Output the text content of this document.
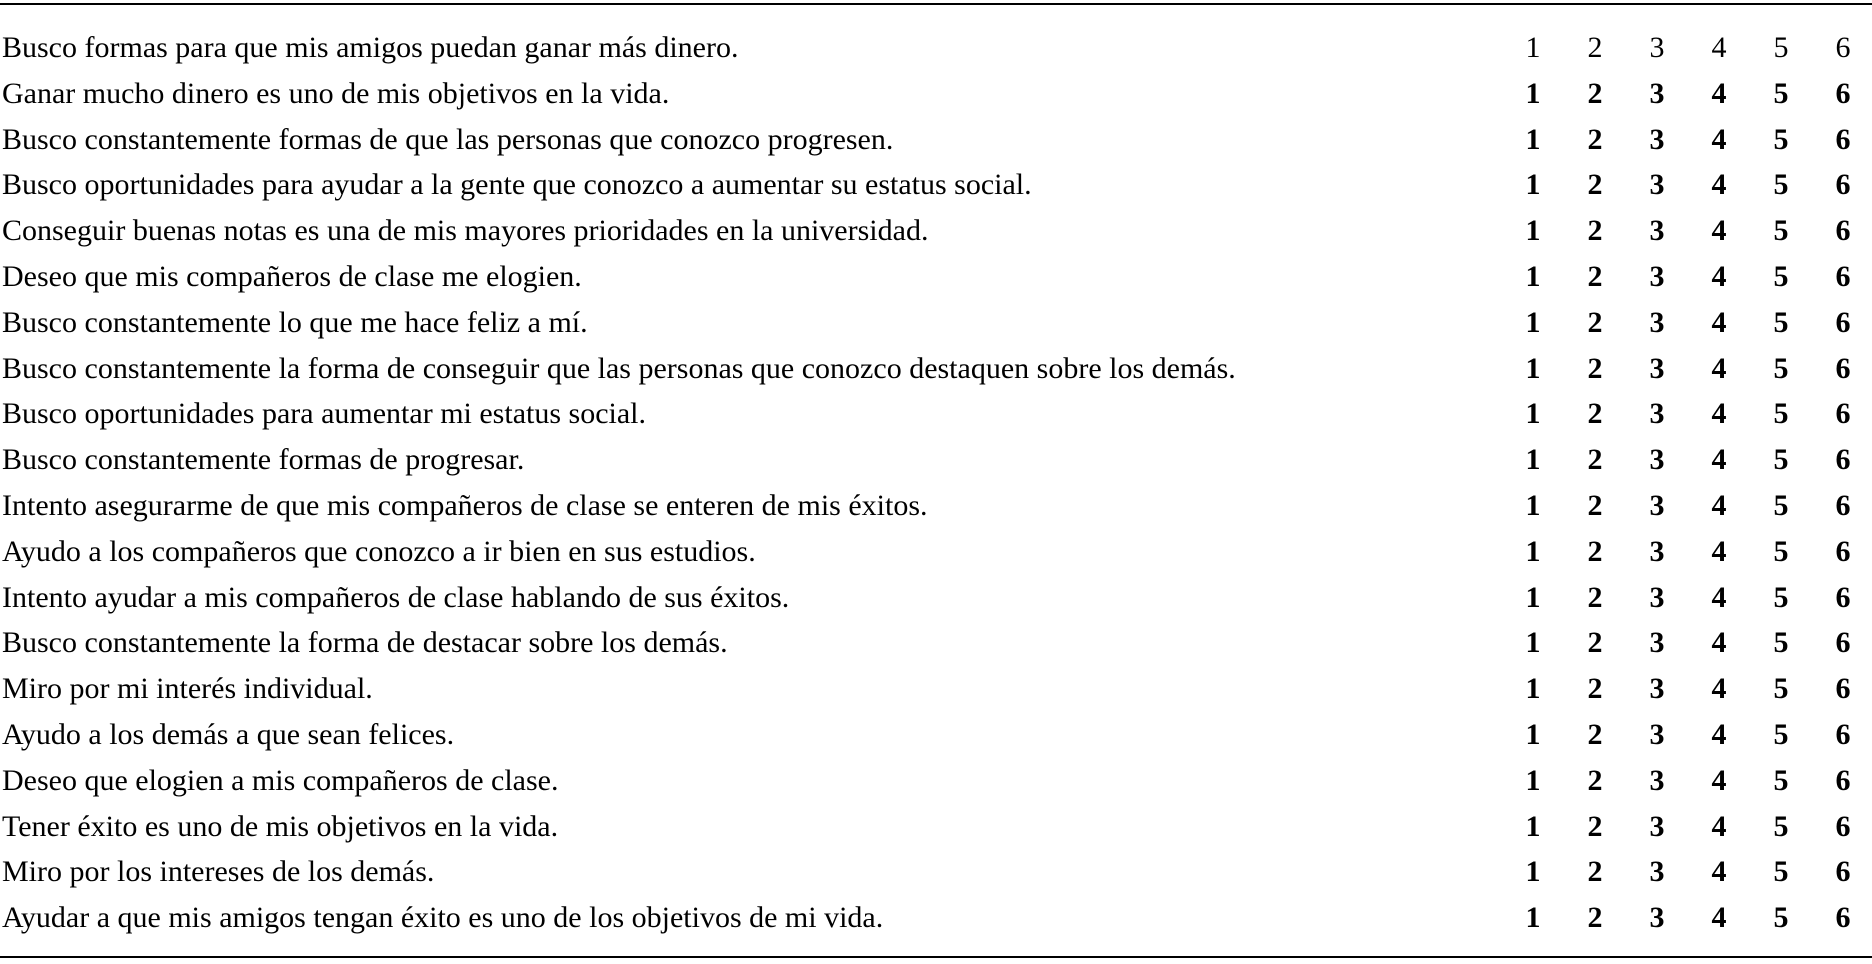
Busco formas para que mis amigos puedan ganar más dinero.	1	2	3	4	5	6
Ganar mucho dinero es uno de mis objetivos en la vida.	1	2	3	4	5	6
Busco constantemente formas de que las personas que conozco progresen.	1	2	3	4	5	6
Busco oportunidades para ayudar a la gente que conozco a aumentar su estatus social.	1	2	3	4	5	6
Conseguir buenas notas es una de mis mayores prioridades en la universidad.	1	2	3	4	5	6
Deseo que mis compañeros de clase me elogien.	1	2	3	4	5	6
Busco constantemente lo que me hace feliz a mí.	1	2	3	4	5	6
Busco constantemente la forma de conseguir que las personas que conozco destaquen sobre los demás.	1	2	3	4	5	6
Busco oportunidades para aumentar mi estatus social.	1	2	3	4	5	6
Busco constantemente formas de progresar.	1	2	3	4	5	6
Intento asegurarme de que mis compañeros de clase se enteren de mis éxitos.	1	2	3	4	5	6
Ayudo a los compañeros que conozco a ir bien en sus estudios.	1	2	3	4	5	6
Intento ayudar a mis compañeros de clase hablando de sus éxitos.	1	2	3	4	5	6
Busco constantemente la forma de destacar sobre los demás.	1	2	3	4	5	6
Miro por mi interés individual.	1	2	3	4	5	6
Ayudo a los demás a que sean felices.	1	2	3	4	5	6
Deseo que elogien a mis compañeros de clase.	1	2	3	4	5	6
Tener éxito es uno de mis objetivos en la vida.	1	2	3	4	5	6
Miro por los intereses de los demás.	1	2	3	4	5	6
Ayudar a que mis amigos tengan éxito es uno de los objetivos de mi vida.	1	2	3	4	5	6
